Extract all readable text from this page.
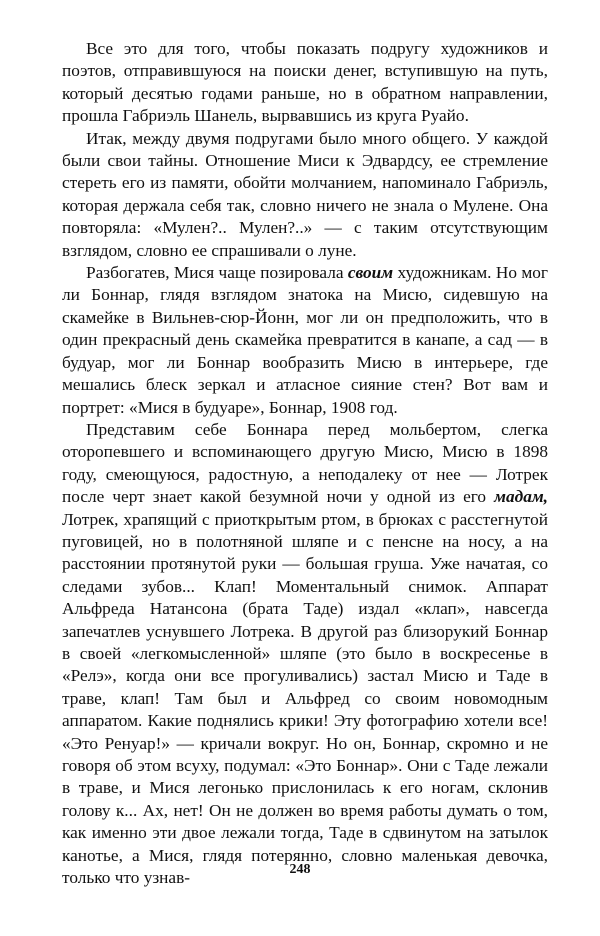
Все это для того, чтобы показать подругу художников и поэтов, отправившуюся на поиски денег, вступившую на путь, который десятью годами раньше, но в обратном направлении, прошла Габриэль Шанель, вырвавшись из круга Руайо.

Итак, между двумя подругами было много общего. У каждой были свои тайны. Отношение Миси к Эдвардсу, ее стремление стереть его из памяти, обойти молчанием, напоминало Габриэль, которая держала себя так, словно ничего не знала о Мулене. Она повторяла: «Мулен?.. Мулен?..» — с таким отсутствующим взглядом, словно ее спрашивали о луне.

Разбогатев, Мися чаще позировала своим художникам. Но мог ли Боннар, глядя взглядом знатока на Мисю, сидевшую на скамейке в Вильнев-сюр-Йонн, мог ли он предположить, что в один прекрасный день скамейка превратится в канапе, а сад — в будуар, мог ли Боннар вообразить Мисю в интерьере, где мешались блеск зеркал и атласное сияние стен? Вот вам и портрет: «Мися в будуаре», Боннар, 1908 год.

Представим себе Боннара перед мольбертом, слегка оторопевшего и вспоминающего другую Мисю, Мисю в 1898 году, смеющуюся, радостную, а неподалеку от нее — Лотрек после черт знает какой безумной ночи у одной из его мадам, Лотрек, храпящий с приоткрытым ртом, в брюках с расстегнутой пуговицей, но в полотняной шляпе и с пенсне на носу, а на расстоянии протянутой руки — большая груша. Уже начатая, со следами зубов... Клап! Моментальный снимок. Аппарат Альфреда Натансона (брата Таде) издал «клап», навсегда запечатлев уснувшего Лотрека. В другой раз близорукий Боннар в своей «легкомысленной» шляпе (это было в воскресенье в «Релэ», когда они все прогуливались) застал Мисю и Таде в траве, клап! Там был и Альфред со своим новомодным аппаратом. Какие поднялись крики! Эту фотографию хотели все! «Это Ренуар!» — кричали вокруг. Но он, Боннар, скромно и не говоря об этом всуху, подумал: «Это Боннар». Они с Таде лежали в траве, и Мися легонько прислонилась к его ногам, склонив голову к... Ах, нет! Он не должен во время работы думать о том, как именно эти двое лежали тогда, Таде в сдвинутом на затылок канотье, а Мися, глядя потерянно, словно маленькая девочка, только что узнав-	248
